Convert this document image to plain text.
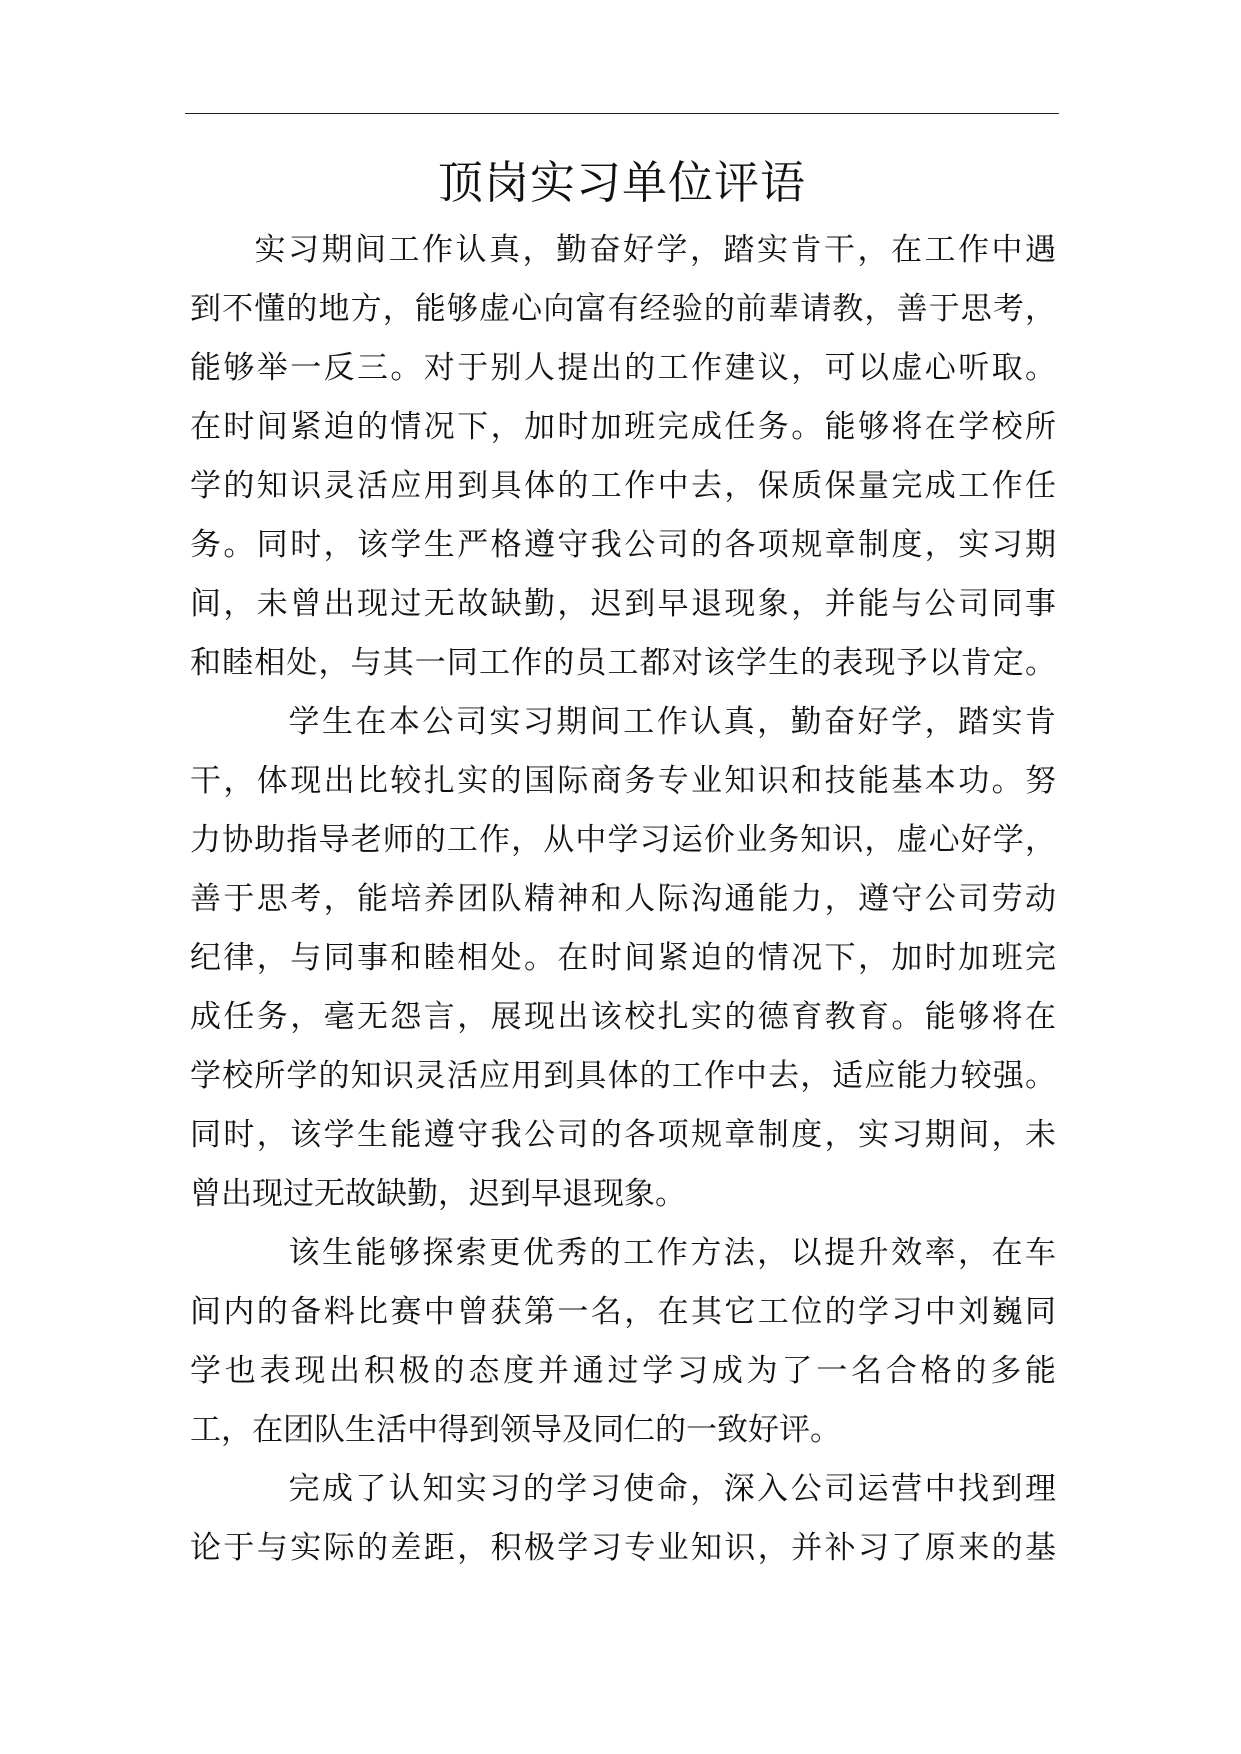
顶岗实习单位评语

实习期间工作认真，勤奋好学，踏实肯干，在工作中遇
到不懂的地方，能够虚心向富有经验的前辈请教，善于思考，
能够举一反三。对于别人提出的工作建议，可以虚心听取。
在时间紧迫的情况下，加时加班完成任务。能够将在学校所
学的知识灵活应用到具体的工作中去，保质保量完成工作任
务。同时，该学生严格遵守我公司的各项规章制度，实习期
间，未曾出现过无故缺勤，迟到早退现象，并能与公司同事
和睦相处，与其一同工作的员工都对该学生的表现予以肯定。

学生在本公司实习期间工作认真，勤奋好学，踏实肯
干，体现出比较扎实的国际商务专业知识和技能基本功。努
力协助指导老师的工作，从中学习运价业务知识，虚心好学，
善于思考，能培养团队精神和人际沟通能力，遵守公司劳动
纪律，与同事和睦相处。在时间紧迫的情况下，加时加班完
成任务，毫无怨言，展现出该校扎实的德育教育。能够将在
学校所学的知识灵活应用到具体的工作中去，适应能力较强。
同时，该学生能遵守我公司的各项规章制度，实习期间，未
曾出现过无故缺勤，迟到早退现象。

该生能够探索更优秀的工作方法，以提升效率，在车
间内的备料比赛中曾获第一名，在其它工位的学习中刘巍同
学也表现出积极的态度并通过学习成为了一名合格的多能
工，在团队生活中得到领导及同仁的一致好评。

完成了认知实习的学习使命，深入公司运营中找到理
论于与实际的差距，积极学习专业知识，并补习了原来的基
